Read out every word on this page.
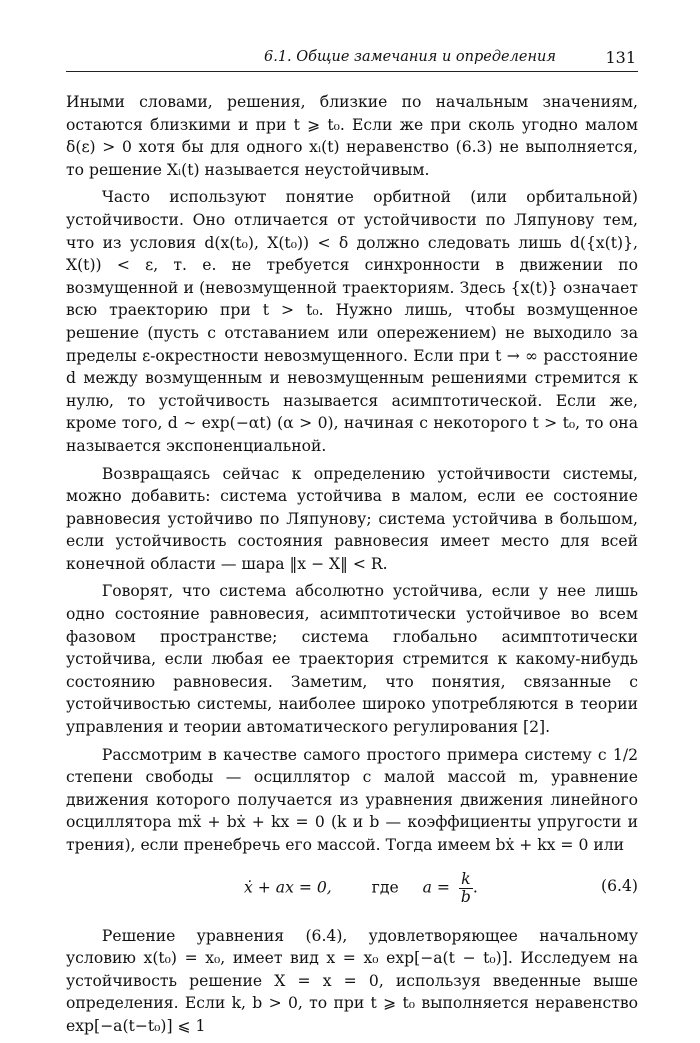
6.1. Общие замечания и определения	131

Иными словами, решения, близкие по начальным значениям, остаются близкими и при t ⩾ t₀. Если же при сколь угодно малом δ(ε) > 0 хотя бы для одного xᵢ(t) неравенство (6.3) не выполняется, то решение Xᵢ(t) называется неустойчивым.

Часто используют понятие орбитной (или орбитальной) устойчивости. Оно отличается от устойчивости по Ляпунову тем, что из условия d(x(t₀), X(t₀)) < δ должно следовать лишь d({x(t)}, X(t)) < ε, т. е. не требуется синхронности в движении по возмущенной и (невозмущенной траекториям. Здесь {x(t)} означает всю траекторию при t > t₀. Нужно лишь, чтобы возмущенное решение (пусть с отставанием или опережением) не выходило за пределы ε-окрестности невозмущенного. Если при t → ∞ расстояние d между возмущенным и невозмущенным решениями стремится к нулю, то устойчивость называется асимптотической. Если же, кроме того, d ∼ exp(−αt) (α > 0), начиная с некоторого t > t₀, то она называется экспоненциальной.

Возвращаясь сейчас к определению устойчивости системы, можно добавить: система устойчива в малом, если ее состояние равновесия устойчиво по Ляпунову; система устойчива в большом, если устойчивость состояния равновесия имеет место для всей конечной области — шара ‖x − X‖ < R.

Говорят, что система абсолютно устойчива, если у нее лишь одно состояние равновесия, асимптотически устойчивое во всем фазовом пространстве; система глобально асимптотически устойчива, если любая ее траектория стремится к какому-нибудь состоянию равновесия. Заметим, что понятия, связанные с устойчивостью системы, наиболее широко употребляются в теории управления и теории автоматического регулирования [2].

Рассмотрим в качестве самого простого примера систему с 1/2 степени свободы — осциллятор с малой массой m, уравнение движения которого получается из уравнения движения линейного осциллятора mẍ + bẋ + kx = 0 (k и b — коэффициенты упругости и трения), если пренебречь его массой. Тогда имеем bẋ + kx = 0 или

ẋ + ax = 0,	где $a = \frac{k}{b}$ .	(6.4)

Решение уравнения (6.4), удовлетворяющее начальному условию x(t₀) = x₀, имеет вид x = x₀ exp[−a(t − t₀)]. Исследуем на устойчивость решение X = x = 0, используя введенные выше определения. Если k, b > 0, то при t ⩾ t₀ выполняется неравенство exp[−a(t−t₀)] ⩽ 1
